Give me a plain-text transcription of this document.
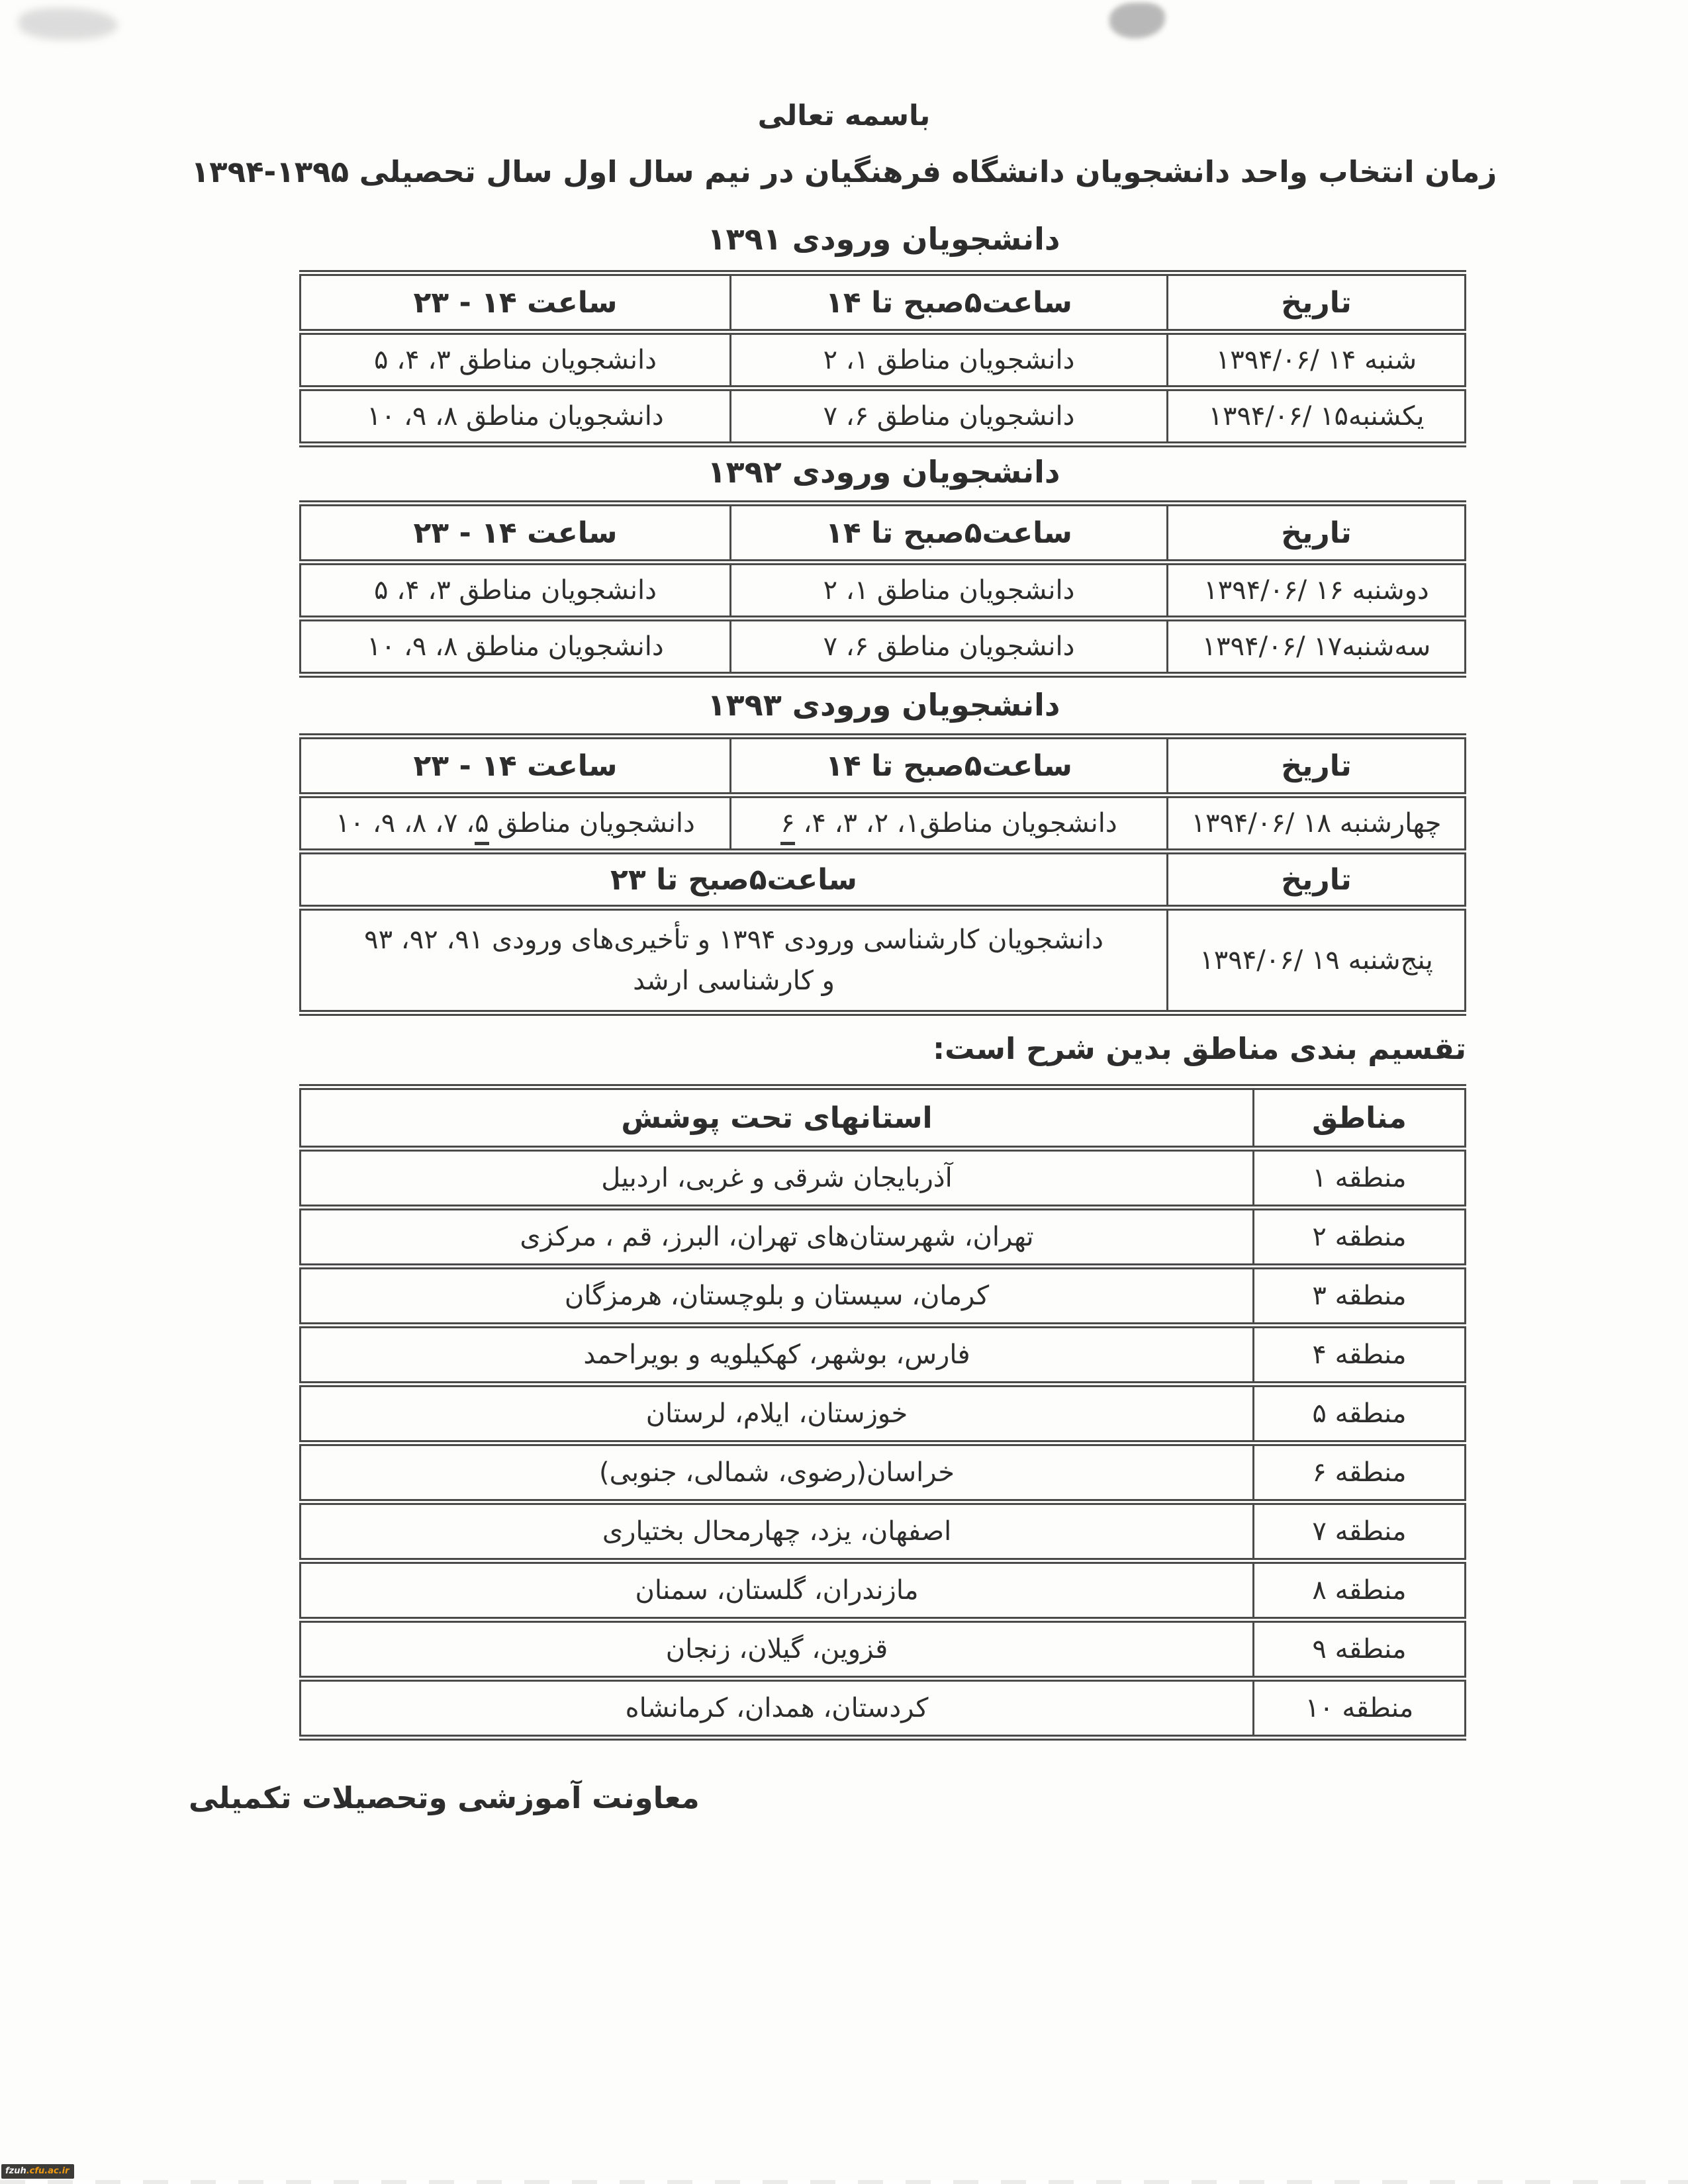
باسمه تعالی
زمان انتخاب واحد دانشجویان دانشگاه فرهنگیان در نیم سال اول سال تحصیلی ۱۳۹۵-۱۳۹۴
دانشجویان ورودی ۱۳۹۱
تاریخ	ساعت۵صبح تا ۱۴	ساعت ۱۴ - ۲۳
شنبه ۱۴ /۱۳۹۴/۰۶	دانشجویان مناطق ۱، ۲	دانشجویان مناطق ۳، ۴، ۵
یکشنبه۱۵ /۱۳۹۴/۰۶	دانشجویان مناطق ۶، ۷	دانشجویان مناطق ۸، ۹، ۱۰
دانشجویان ورودی ۱۳۹۲
تاریخ	ساعت۵صبح تا ۱۴	ساعت ۱۴ - ۲۳
دوشنبه ۱۶ /۱۳۹۴/۰۶	دانشجویان مناطق ۱، ۲	دانشجویان مناطق ۳، ۴، ۵
سه‌شنبه۱۷ /۱۳۹۴/۰۶	دانشجویان مناطق ۶، ۷	دانشجویان مناطق ۸، ۹، ۱۰
دانشجویان ورودی ۱۳۹۳
تاریخ	ساعت۵صبح تا ۱۴	ساعت ۱۴ - ۲۳
چهارشنبه ۱۸ /۱۳۹۴/۰۶	دانشجویان مناطق۱، ۲، ۳، ۴، ۶	دانشجویان مناطق ۵، ۷، ۸، ۹، ۱۰
تاریخ	ساعت۵صبح تا ۲۳	
پنج‌شنبه ۱۹ /۱۳۹۴/۰۶	دانشجویان کارشناسی ورودی ۱۳۹۴ و تأخیری‌های ورودی ۹۱، ۹۲، ۹۳
و کارشناسی ارشد	
تقسیم بندی مناطق بدین شرح است:
مناطق	استانهای تحت پوشش
منطقه ۱	آذربایجان شرقی و غربی، اردبیل
منطقه ۲	تهران، شهرستان‌های تهران، البرز، قم ، مرکزی
منطقه ۳	کرمان، سیستان و بلوچستان، هرمزگان
منطقه ۴	فارس، بوشهر، کهکیلویه و بویراحمد
منطقه ۵	خوزستان، ایلام، لرستان
منطقه ۶	خراسان(رضوی، شمالی، جنوبی)
منطقه ۷	اصفهان، یزد، چهارمحال بختیاری
منطقه ۸	مازندران، گلستان، سمنان
منطقه ۹	قزوین، گیلان، زنجان
منطقه ۱۰	کردستان، همدان، کرمانشاه
معاونت آموزشی وتحصیلات تکمیلی
fzuh.cfu.ac.ir
